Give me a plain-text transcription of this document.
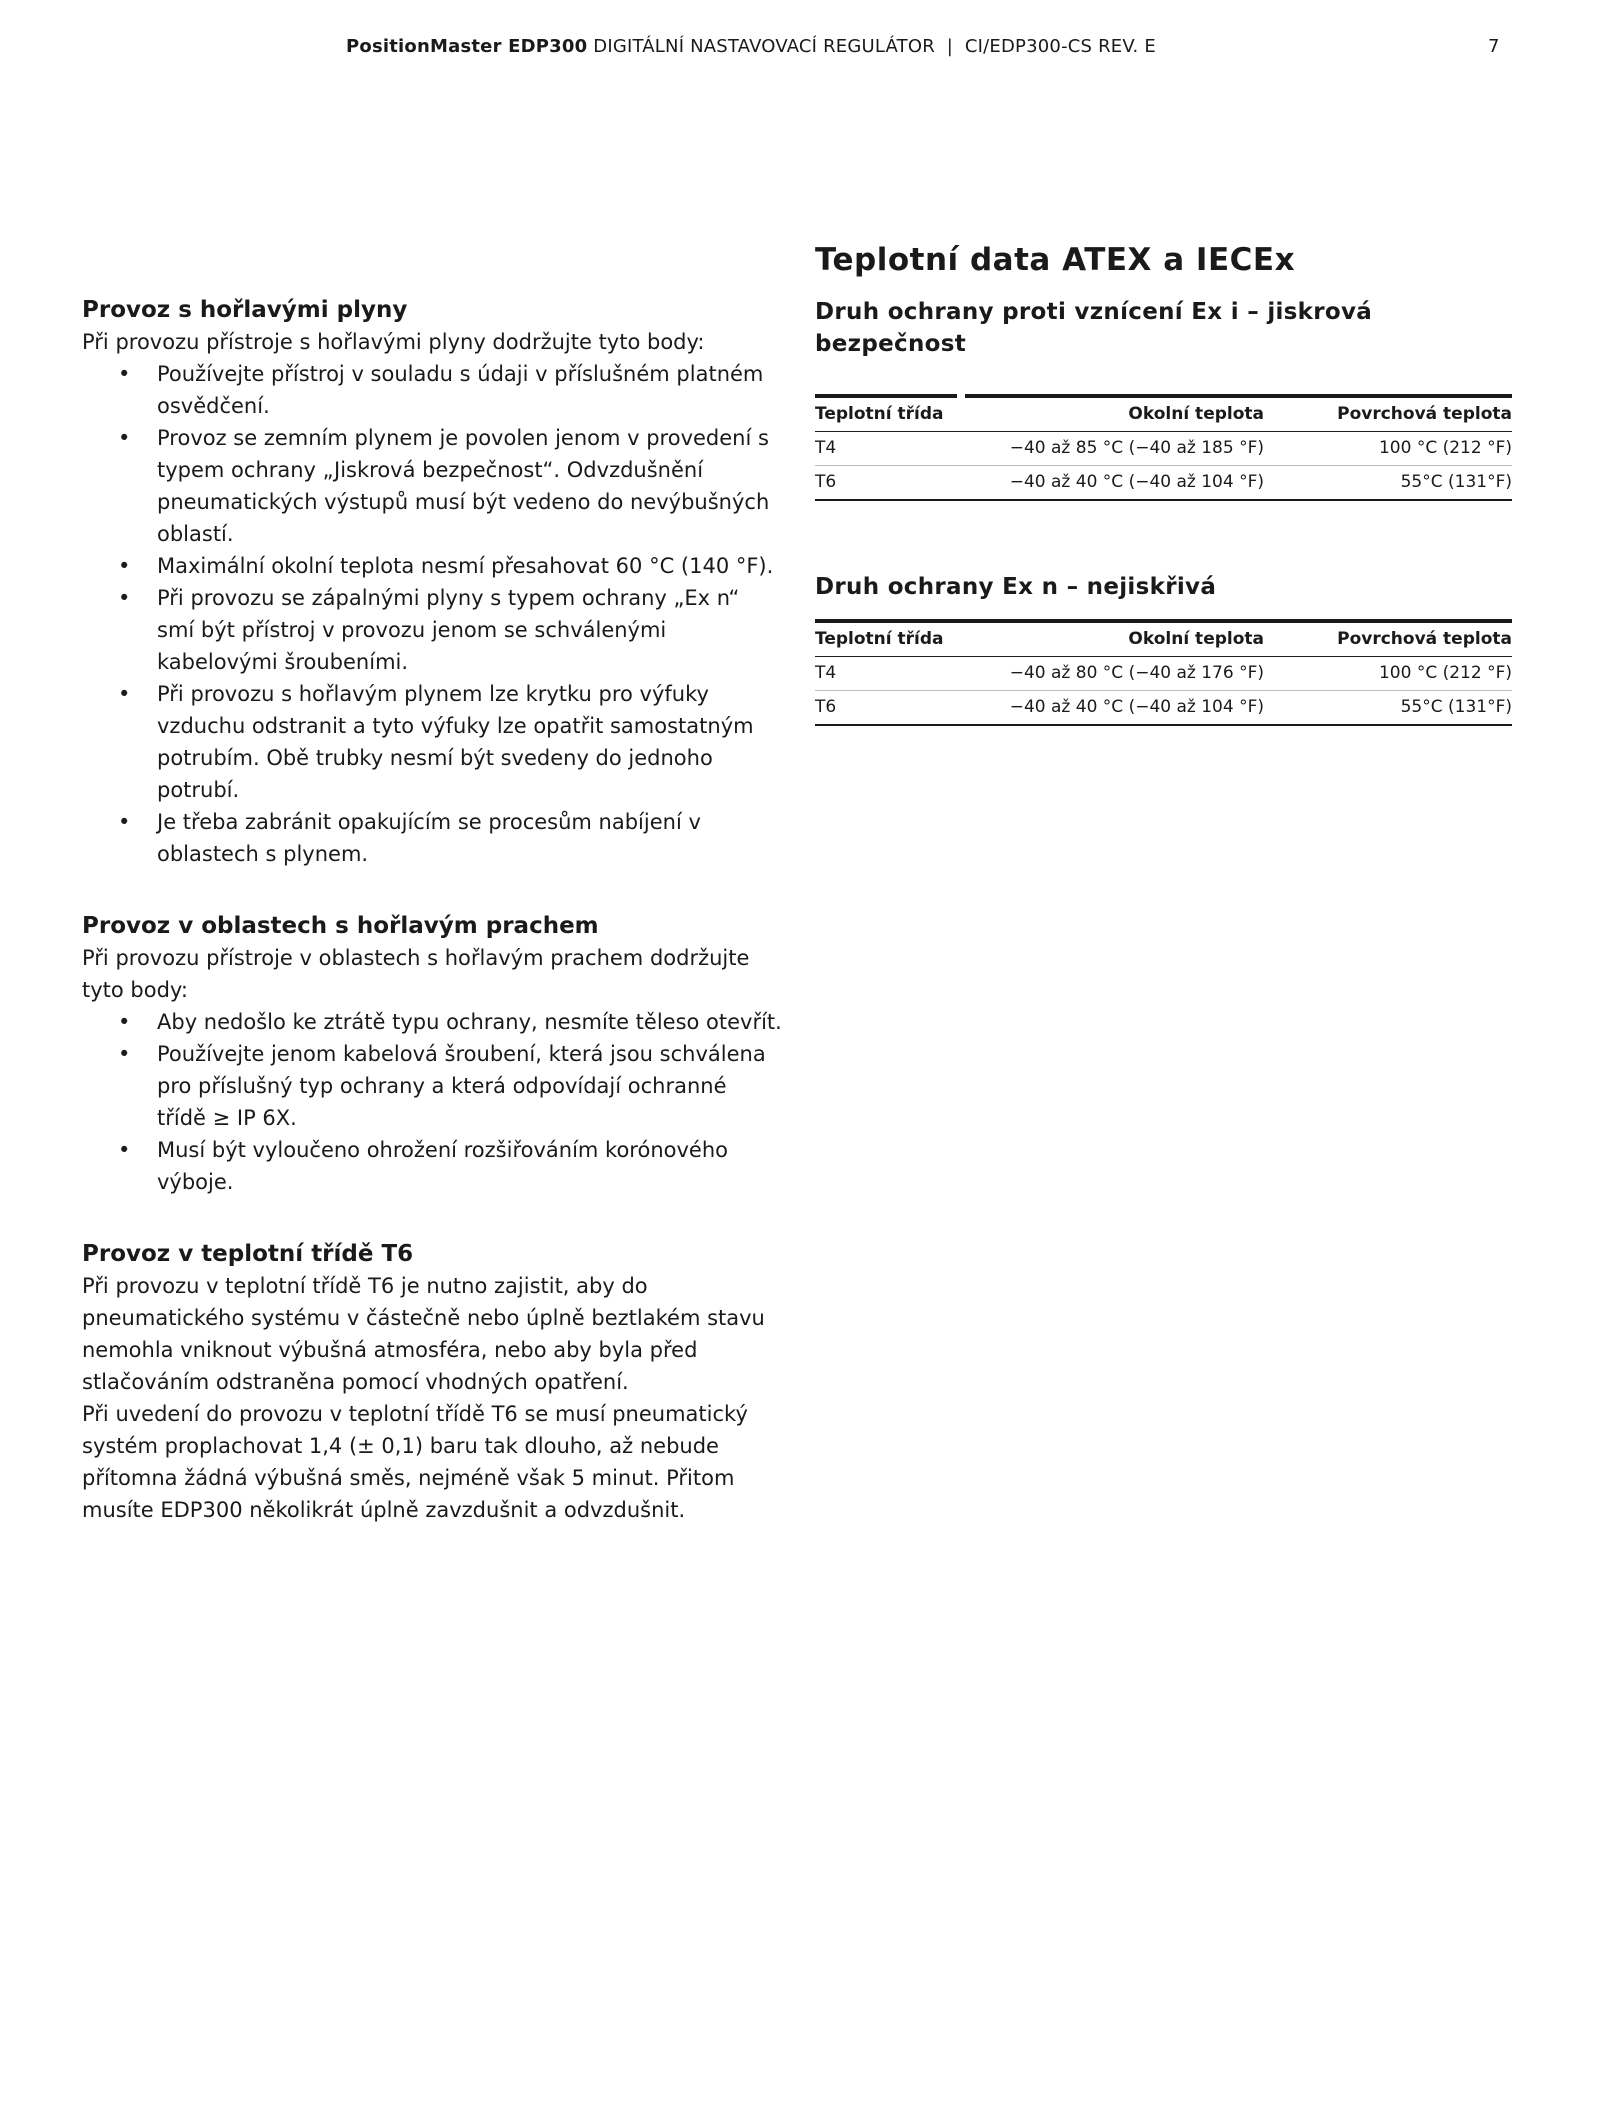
PositionMaster EDP300 DIGITÁLNÍ NASTAVOVACÍ REGULÁTOR  |  CI/EDP300-CS REV. E	7
Provoz s hořlavými plyny

Při provozu přístroje s hořlavými plyny dodržujte tyto body:

• Používejte přístroj v souladu s údaji v příslušném platném osvědčení.
• Provoz se zemním plynem je povolen jenom v provedení s typem ochrany „Jiskrová bezpečnost“. Odvzdušnění pneumatických výstupů musí být vedeno do nevýbušných oblastí.
• Maximální okolní teplota nesmí přesahovat 60 °C (140 °F).
• Při provozu se zápalnými plyny s typem ochrany „Ex n“ smí být přístroj v provozu jenom se schválenými kabelovými šroubeními.
• Při provozu s hořlavým plynem lze krytku pro výfuky vzduchu odstranit a tyto výfuky lze opatřit samostatným potrubím. Obě trubky nesmí být svedeny do jednoho potrubí.
• Je třeba zabránit opakujícím se procesům nabíjení v oblastech s plynem.
Provoz v oblastech s hořlavým prachem

Při provozu přístroje v oblastech s hořlavým prachem dodržujte tyto body:

• Aby nedošlo ke ztrátě typu ochrany, nesmíte těleso otevřít.
• Používejte jenom kabelová šroubení, která jsou schválena pro příslušný typ ochrany a která odpovídají ochranné třídě ≥ IP 6X.
• Musí být vyloučeno ohrožení rozšiřováním korónového výboje.
Provoz v teplotní třídě T6

Při provozu v teplotní třídě T6 je nutno zajistit, aby do pneumatického systému v částečně nebo úplně beztlakém stavu nemohla vniknout výbušná atmosféra, nebo aby byla před stlačováním odstraněna pomocí vhodných opatření.

Při uvedení do provozu v teplotní třídě T6 se musí pneumatický systém proplachovat 1,4 (± 0,1) baru tak dlouho, až nebude přítomna žádná výbušná směs, nejméně však 5 minut. Přitom musíte EDP300 několikrát úplně zavzdušnit a odvzdušnit.

Teplotní data ATEX a IECEx
Druh ochrany proti vznícení Ex i – jiskrová bezpečnost
Teplotní třída	Okolní teplota	Povrchová teplota
T4	−40 až 85 °C (−40 až 185 °F)	100 °C (212 °F)
T6	−40 až 40 °C (−40 až 104 °F)	55°C (131°F)
Druh ochrany Ex n – nejiskřivá
Teplotní třída	Okolní teplota	Povrchová teplota
T4	−40 až 80 °C (−40 až 176 °F)	100 °C (212 °F)
T6	−40 až 40 °C (−40 až 104 °F)	55°C (131°F)
